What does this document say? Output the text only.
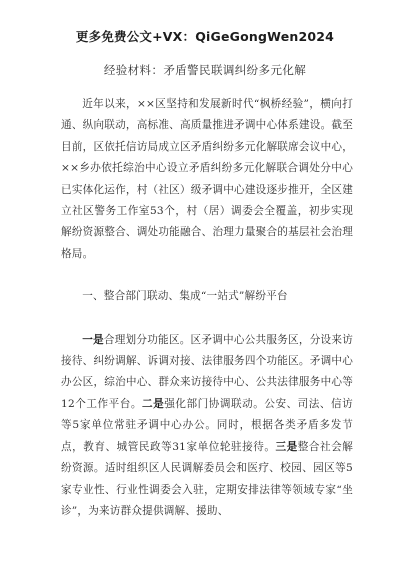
更多免费公文+VX：QiGeGongWen2024
经验材料：矛盾警民联调纠纷多元化解

近年以来，××区坚持和发展新时代“枫桥经验”，横向打通、纵向联动，高标准、高质量推进矛调中心体系建设。截至目前，区依托信访局成立区矛盾纠纷多元化解联席会议中心，××乡办依托综治中心设立矛盾纠纷多元化解联合调处分中心已实体化运作，村（社区）级矛调中心建设逐步推开，全区建立社区警务工作室53个，村（居）调委会全覆盖，初步实现解纷资源整合、调处功能融合、治理力量聚合的基层社会治理格局。

一、整合部门联动、集成“一站式”解纷平台

一是合理划分功能区。区矛调中心公共服务区，分设来访接待、纠纷调解、诉调对接、法律服务四个功能区。矛调中心办公区，综治中心、群众来访接待中心、公共法律服务中心等12个工作平台。二是强化部门协调联动。公安、司法、信访等5家单位常驻矛调中心办公。同时，根据各类矛盾多发节点，教育、城管民政等31家单位轮驻接待。三是整合社会解纷资源。适时组织区人民调解委员会和医疗、校园、园区等5家专业性、行业性调委会入驻，定期安排法律等领域专家“坐诊”，为来访群众提供调解、援助、
